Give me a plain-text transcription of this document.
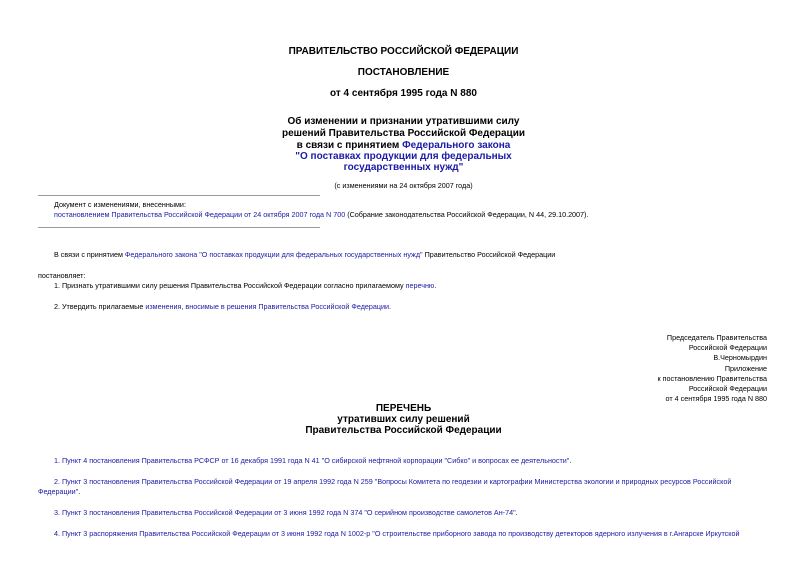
ПРАВИТЕЛЬСТВО РОССИЙСКОЙ ФЕДЕРАЦИИ
ПОСТАНОВЛЕНИЕ
от 4 сентября 1995 года N 880
Об изменении и признании утратившими силу
решений Правительства Российской Федерации
в связи с принятием Федерального закона
"О поставках продукции для федеральных
государственных нужд"
(с изменениями на 24 октября 2007 года)
Документ с изменениями, внесенными:
постановлением Правительства Российской Федерации от 24 октября 2007 года N 700 (Собрание законодательства Российской Федерации, N 44, 29.10.2007).
В связи с принятием Федерального закона "О поставках продукции для федеральных государственных нужд" Правительство Российской Федерации
постановляет:
1. Признать утратившими силу решения Правительства Российской Федерации согласно прилагаемому перечню.
2. Утвердить прилагаемые изменения, вносимые в решения Правительства Российской Федерации.
Председатель Правительства
Российской Федерации
В.Черномырдин
Приложение
к постановлению Правительства
Российской Федерации
от 4 сентября 1995 года N 880
ПЕРЕЧЕНЬ
утративших силу решений
Правительства Российской Федерации
1. Пункт 4 постановления Правительства РСФСР от 16 декабря 1991 года N 41 "О сибирской нефтяной корпорации "Сибко" и вопросах ее деятельности".
2. Пункт 3 постановления Правительства Российской Федерации от 19 апреля 1992 года N 259 "Вопросы Комитета по геодезии и картографии Министерства экологии и природных ресурсов Российской
Федерации".
3. Пункт 3 постановления Правительства Российской Федерации от 3 июня 1992 года N 374 "О серийном производстве самолетов Ан-74".
4. Пункт 3 распоряжения Правительства Российской Федерации от 3 июня 1992 года N 1002-р "О строительстве приборного завода по производству детекторов ядерного излучения в г.Ангарске Иркутской
